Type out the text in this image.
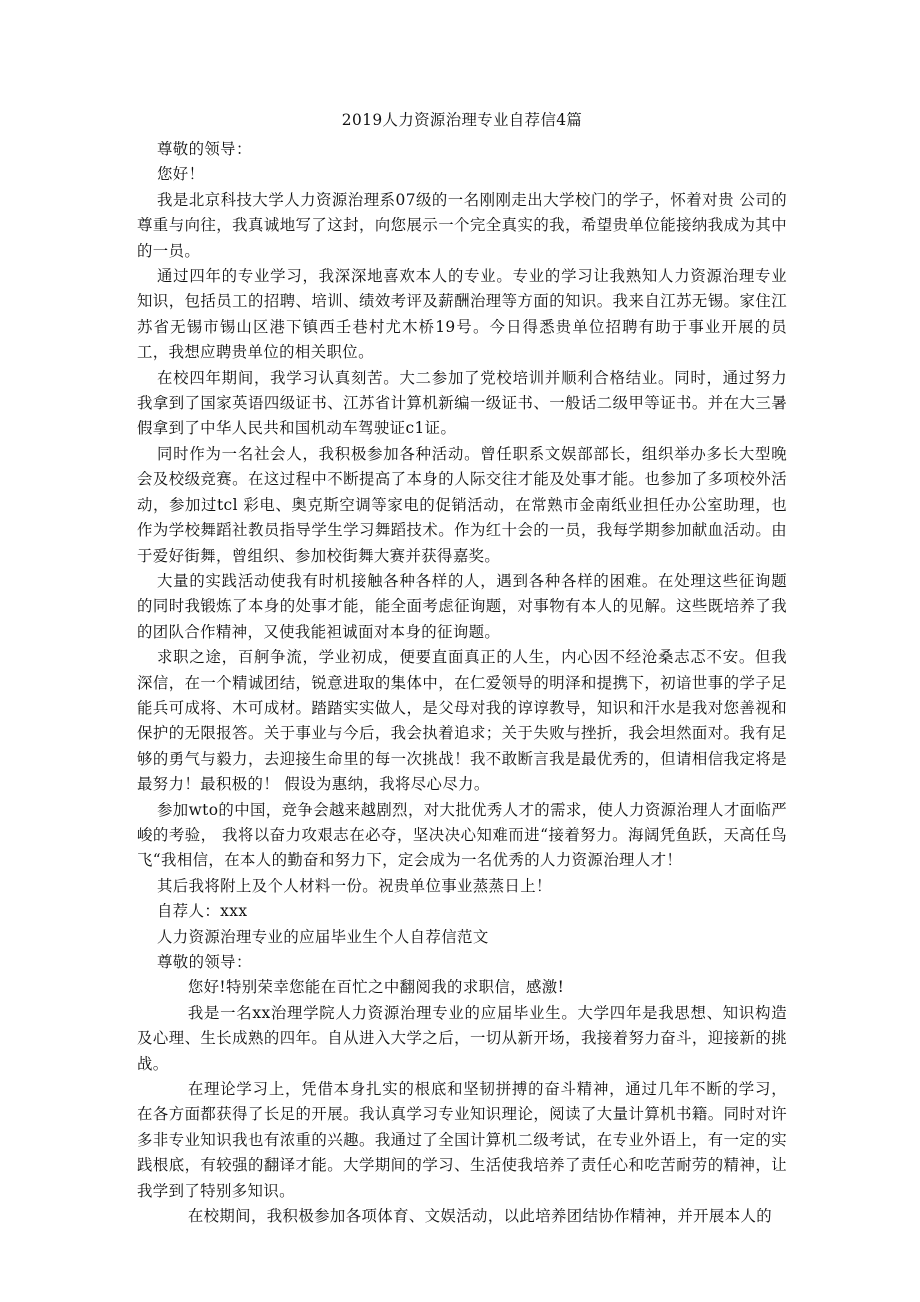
2019人力资源治理专业自荐信4篇

尊敬的领导：

您好！

我是北京科技大学人力资源治理系07级的一名刚刚走出大学校门的学子，怀着对贵 公司的尊重与向往，我真诚地写了这封，向您展示一个完全真实的我，希望贵单位能接纳我成为其中的一员。

通过四年的专业学习，我深深地喜欢本人的专业。专业的学习让我熟知人力资源治理专业知识，包括员工的招聘、培训、绩效考评及薪酬治理等方面的知识。我来自江苏无锡。家住江苏省无锡市锡山区港下镇西壬巷村尤木桥19号。今日得悉贵单位招聘有助于事业开展的员工，我想应聘贵单位的相关职位。

在校四年期间，我学习认真刻苦。大二参加了党校培训并顺利合格结业。同时，通过努力我拿到了国家英语四级证书、江苏省计算机新编一级证书、一般话二级甲等证书。并在大三暑假拿到了中华人民共和国机动车驾驶证c1证。

同时作为一名社会人，我积极参加各种活动。曾任职系文娱部部长，组织举办多长大型晚会及校级竞赛。在这过程中不断提高了本身的人际交往才能及处事才能。也参加了多项校外活动，参加过tcl 彩电、奥克斯空调等家电的促销活动，在常熟市金南纸业担任办公室助理，也作为学校舞蹈社教员指导学生学习舞蹈技术。作为红十会的一员，我每学期参加献血活动。由于爱好街舞，曾组织、参加校街舞大赛并获得嘉奖。

大量的实践活动使我有时机接触各种各样的人，遇到各种各样的困难。在处理这些征询题的同时我锻炼了本身的处事才能，能全面考虑征询题，对事物有本人的见解。这些既培养了我的团队合作精神，又使我能袒诚面对本身的征询题。

求职之途，百舸争流，学业初成，便要直面真正的人生，内心因不经沧桑志忑不安。但我深信，在一个精诚团结，锐意进取的集体中，在仁爱领导的明泽和提携下，初谙世事的学子足能兵可成将、木可成材。踏踏实实做人，是父母对我的谆谆教导，知识和汗水是我对您善视和保护的无限报答。关于事业与今后，我会执着追求；关于失败与挫折，我会坦然面对。我有足够的勇气与毅力，去迎接生命里的每一次挑战！我不敢断言我是最优秀的，但请相信我定将是最努力！最积极的！ 假设为惠纳，我将尽心尽力。

参加wto的中国，竞争会越来越剧烈，对大批优秀人才的需求，使人力资源治理人才面临严峻的考验， 我将以奋力攻艰志在必夺，坚决决心知难而进“接着努力。海阔凭鱼跃，天高任鸟飞“我相信，在本人的勤奋和努力下，定会成为一名优秀的人力资源治理人才！

其后我将附上及个人材料一份。祝贵单位事业蒸蒸日上！

自荐人：xxx

人力资源治理专业的应届毕业生个人自荐信范文

尊敬的领导：

您好!特别荣幸您能在百忙之中翻阅我的求职信，感激!

我是一名xx治理学院人力资源治理专业的应届毕业生。大学四年是我思想、知识构造及心理、生长成熟的四年。自从进入大学之后，一切从新开场，我接着努力奋斗，迎接新的挑战。

在理论学习上，凭借本身扎实的根底和坚韧拼搏的奋斗精神，通过几年不断的学习，在各方面都获得了长足的开展。我认真学习专业知识理论，阅读了大量计算机书籍。同时对许多非专业知识我也有浓重的兴趣。我通过了全国计算机二级考试，在专业外语上，有一定的实践根底，有较强的翻译才能。大学期间的学习、生活使我培养了责任心和吃苦耐劳的精神，让我学到了特别多知识。

在校期间，我积极参加各项体育、文娱活动，以此培养团结协作精神，并开展本人的
